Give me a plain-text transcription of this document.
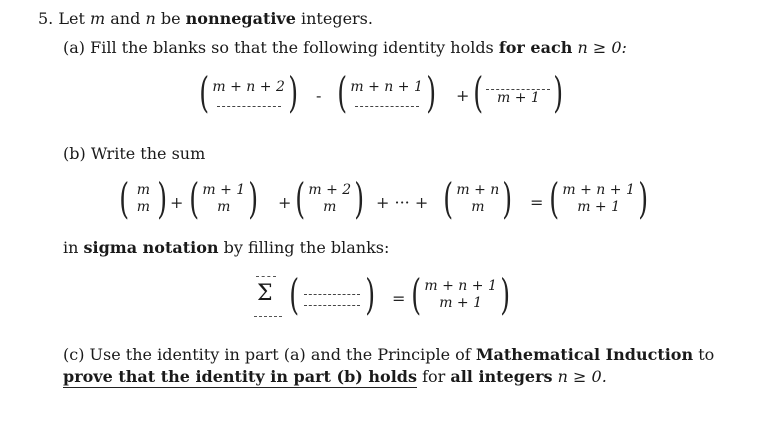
5. Let m and n be nonnegative integers.
(a) Fill the blanks so that the following identity holds for each n ≥ 0:
( m + n + 2 ) - ( m + n + 1 ) + ( m + 1 )
(b) Write the sum
( m
m ) + ( m + 1
m ) + ( m + 2
m ) + ··· + ( m + n
m ) = ( m + n + 1
m + 1 )
in sigma notation by filling the blanks:
Σ ( ) = ( m + n + 1
m + 1 )
(c) Use the identity in part (a) and the Principle of Mathematical Induction to
prove that the identity in part (b) holds for all integers n ≥ 0.
